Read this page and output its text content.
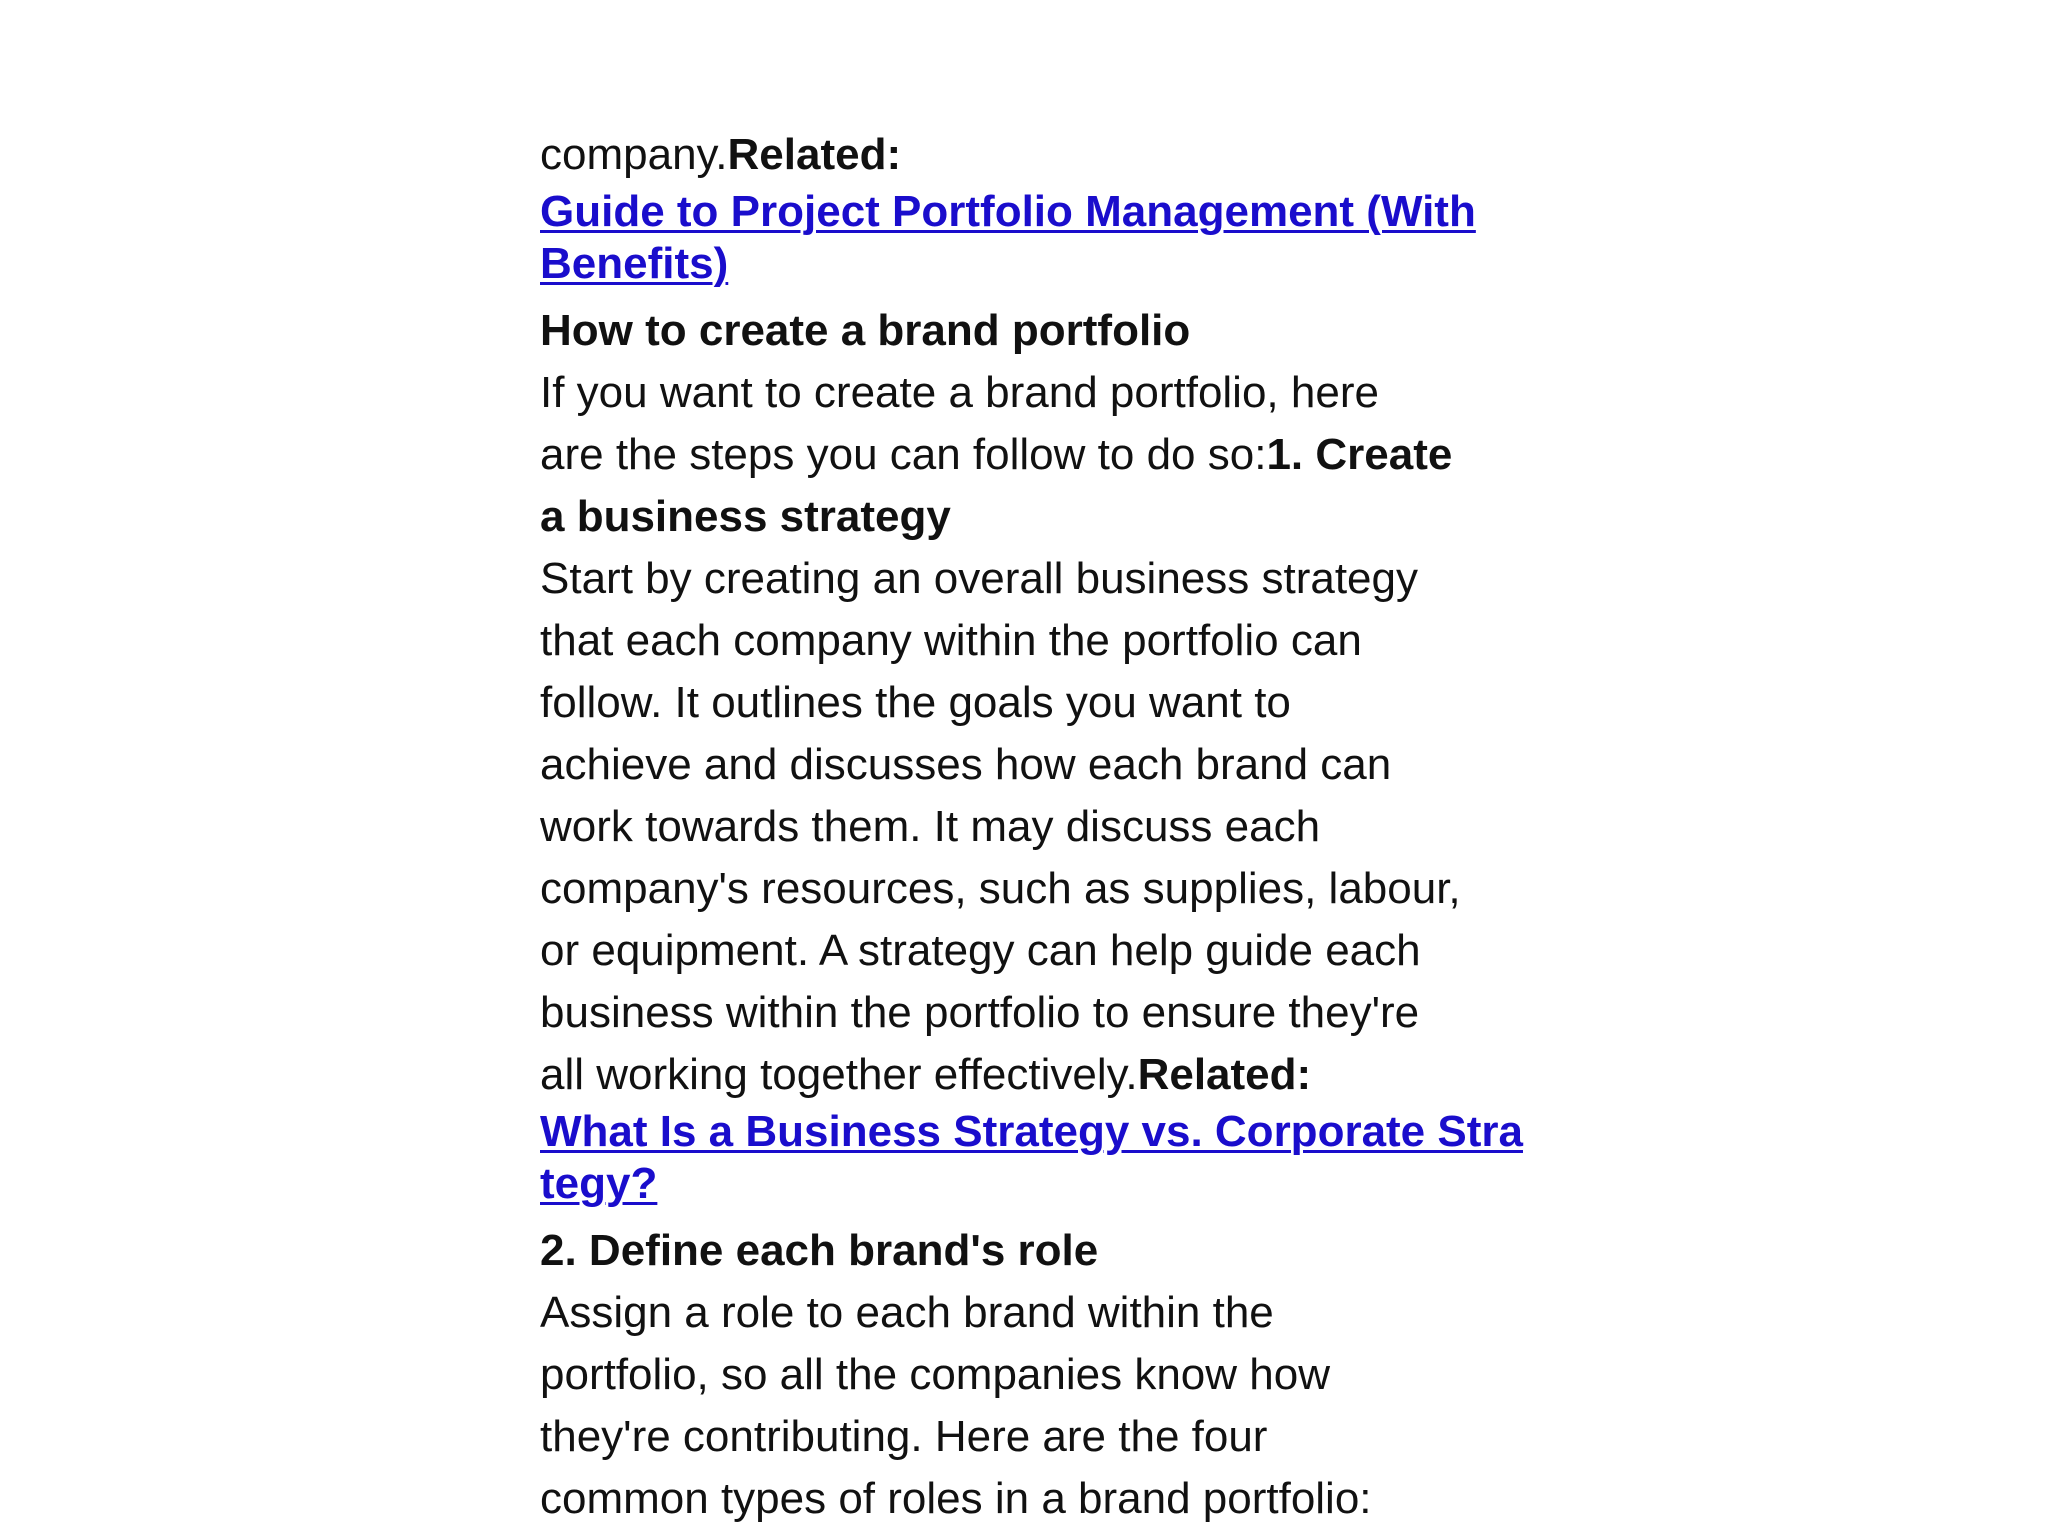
company.Related:
Guide to Project Portfolio Management (With
Benefits)
How to create a brand portfolio
If you want to create a brand portfolio, here
are the steps you can follow to do so:1. Create
a business strategy
Start by creating an overall business strategy
that each company within the portfolio can
follow. It outlines the goals you want to
achieve and discusses how each brand can
work towards them. It may discuss each
company's resources, such as supplies, labour,
or equipment. A strategy can help guide each
business within the portfolio to ensure they're
all working together effectively.Related:
What Is a Business Strategy vs. Corporate Stra
tegy?
2. Define each brand's role
Assign a role to each brand within the
portfolio, so all the companies know how
they're contributing. Here are the four
common types of roles in a brand portfolio:
